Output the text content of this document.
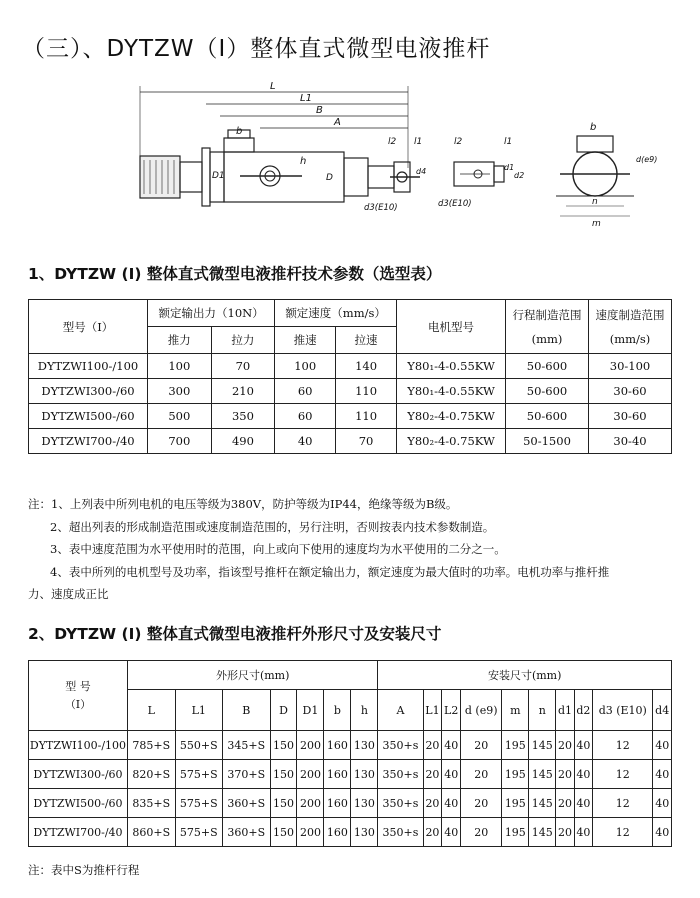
（三）、DYTZW（I）整体直式微型电液推杆
L
L1
B
A
b
D1	D
h
l2 l1
d4
d3(E10)
l2	l1
d1
d2
d3(E10)
b
d(e9)
n
m
1、DYTZW (I) 整体直式微型电液推杆技术参数（选型表）
型号（I）	额定输出力（10N）		额定速度（mm/s）		电机型号	行程制造范围(mm)	速度制造范围(mm/s)
	推力	拉力	推速	拉速			
DYTZWI100-/100	100	70	100	140	Y80₁-4-0.55KW	50-600	30-100
DYTZWI300-/60	300	210	60	110	Y80₁-4-0.55KW	50-600	30-60
DYTZWI500-/60	500	350	60	110	Y80₂-4-0.75KW	50-600	30-60
DYTZWI700-/40	700	490	40	70	Y80₂-4-0.75KW	50-1500	30-40
注：1、上列表中所列电机的电压等级为380V，防护等级为IP44，绝缘等级为B级。
2、超出列表的形成制造范围或速度制造范围的，另行注明，否则按表内技术参数制造。
3、表中速度范围为水平使用时的范围，向上或向下使用的速度均为水平使用的二分之一。
4、表中所列的电机型号及功率，指该型号推杆在额定输出力，额定速度为最大值时的功率。电机功率与推杆推
力、速度成正比
2、DYTZW (I) 整体直式微型电液推杆外形尺寸及安装尺寸
型 号
（I）	外形尺寸(mm)							安装尺寸(mm)									
	L	L1	B	D	D1	b	h	A	L1	L2	d (e9)	m	n	d1	d2	d3 (E10)	d4
DYTZWI100-/100	785+S	550+S	345+S	150	200	160	130	350+s	20	40	20	195	145	20	40	12	40
DYTZWI300-/60	820+S	575+S	370+S	150	200	160	130	350+s	20	40	20	195	145	20	40	12	40
DYTZWI500-/60	835+S	575+S	360+S	150	200	160	130	350+s	20	40	20	195	145	20	40	12	40
DYTZWI700-/40	860+S	575+S	360+S	150	200	160	130	350+s	20	40	20	195	145	20	40	12	40
注：表中S为推杆行程
